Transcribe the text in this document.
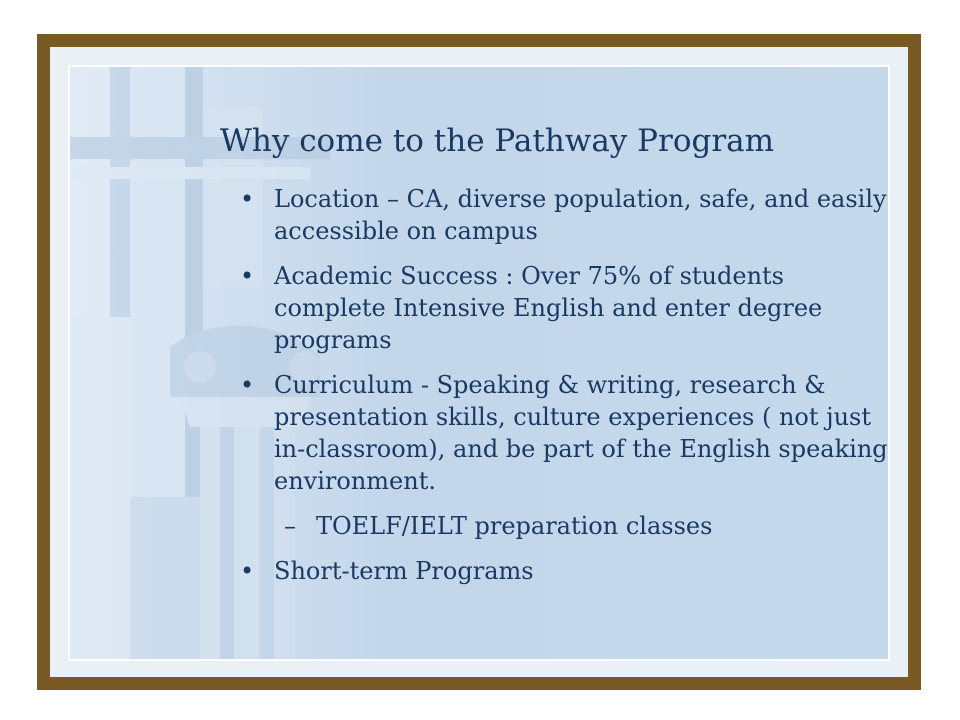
Why come to the Pathway Program
• Location – CA, diverse population, safe, and easily accessible on campus
• Academic Success : Over 75% of students complete Intensive English and enter degree programs
• Curriculum - Speaking & writing, research & presentation skills, culture experiences ( not just in-classroom), and be part of the English speaking environment.
– TOELF/IELT preparation classes
• Short-term Programs
